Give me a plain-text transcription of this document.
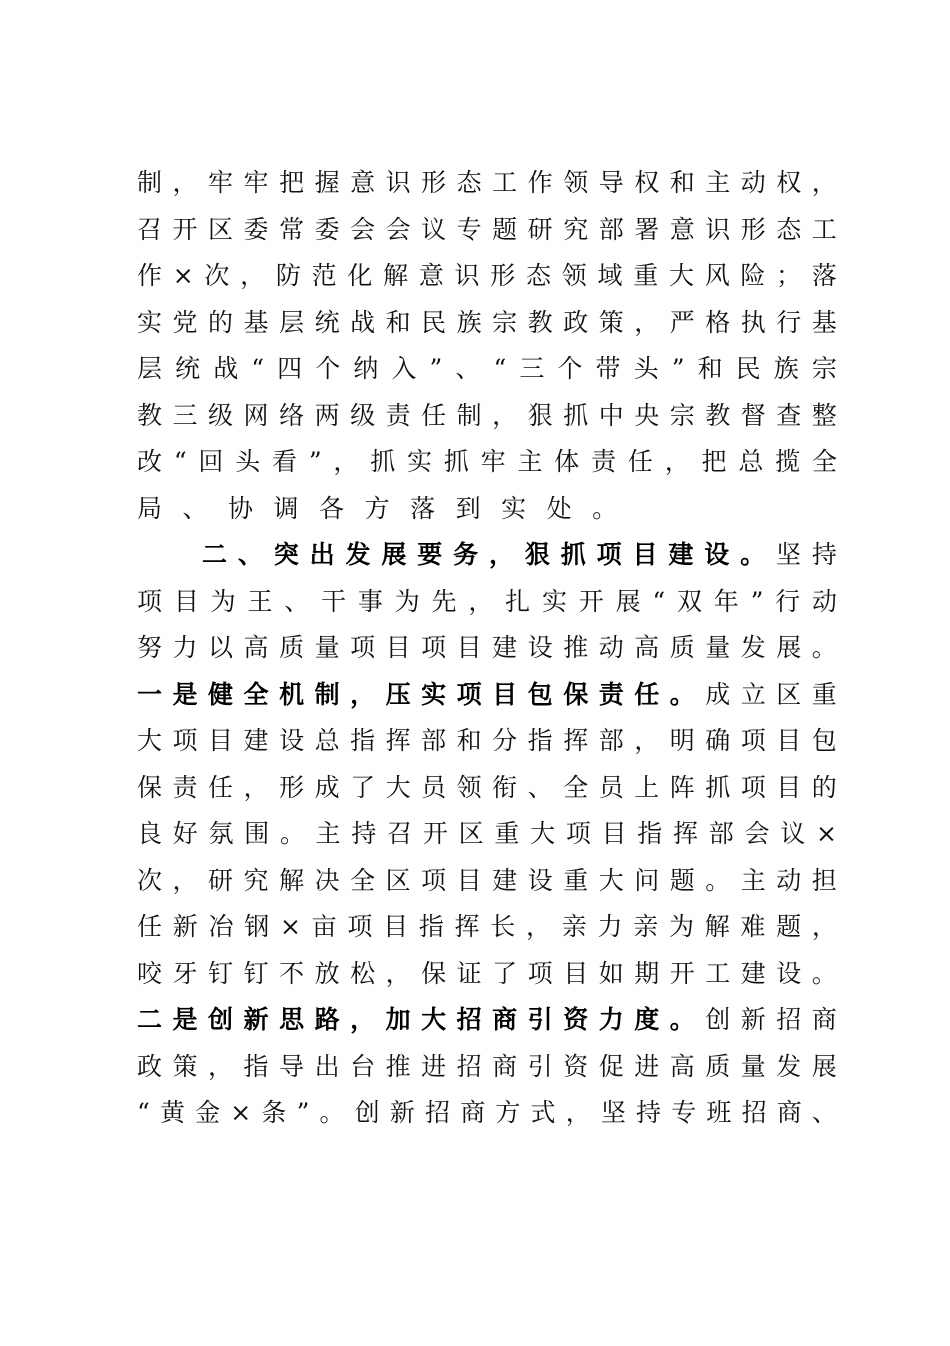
制 ， 牢 牢 把 握 意 识 形 态 工 作 领 导 权 和 主 动 权 ，
召 开 区 委 常 委 会 会 议 专 题 研 究 部 署 意 识 形 态 工
作 × 次 ， 防 范 化 解 意 识 形 态 领 域 重 大 风 险 ； 落
实 党 的 基 层 统 战 和 民 族 宗 教 政 策 ， 严 格 执 行 基
层 统 战 “ 四 个 纳 入 ” 、 “ 三 个 带 头 ” 和 民 族 宗
教 三 级 网 络 两 级 责 任 制 ， 狠 抓 中 央 宗 教 督 查 整
改 “ 回 头 看 ” ， 抓 实 抓 牢 主 体 责 任 ， 把 总 揽 全
局 、 协 调 各 方 落 到 实 处 。
二 、 突 出 发 展 要 务 ， 狠 抓 项 目 建 设 。 坚 持
项 目 为 王 、 干 事 为 先 ， 扎 实 开 展 “ 双 年 ” 行 动
努 力 以 高 质 量 项 目 项 目 建 设 推 动 高 质 量 发 展 。
一 是 健 全 机 制 ， 压 实 项 目 包 保 责 任 。 成 立 区 重
大 项 目 建 设 总 指 挥 部 和 分 指 挥 部 ， 明 确 项 目 包
保 责 任 ， 形 成 了 大 员 领 衔 、 全 员 上 阵 抓 项 目 的
良 好 氛 围 。 主 持 召 开 区 重 大 项 目 指 挥 部 会 议 ×
次 ， 研 究 解 决 全 区 项 目 建 设 重 大 问 题 。 主 动 担
任 新 冶 钢 × 亩 项 目 指 挥 长 ， 亲 力 亲 为 解 难 题 ，
咬 牙 钉 钉 不 放 松 ， 保 证 了 项 目 如 期 开 工 建 设 。
二 是 创 新 思 路 ， 加 大 招 商 引 资 力 度 。 创 新 招 商
政 策 ， 指 导 出 台 推 进 招 商 引 资 促 进 高 质 量 发 展
“ 黄 金 × 条 ” 。 创 新 招 商 方 式 ， 坚 持 专 班 招 商 、
